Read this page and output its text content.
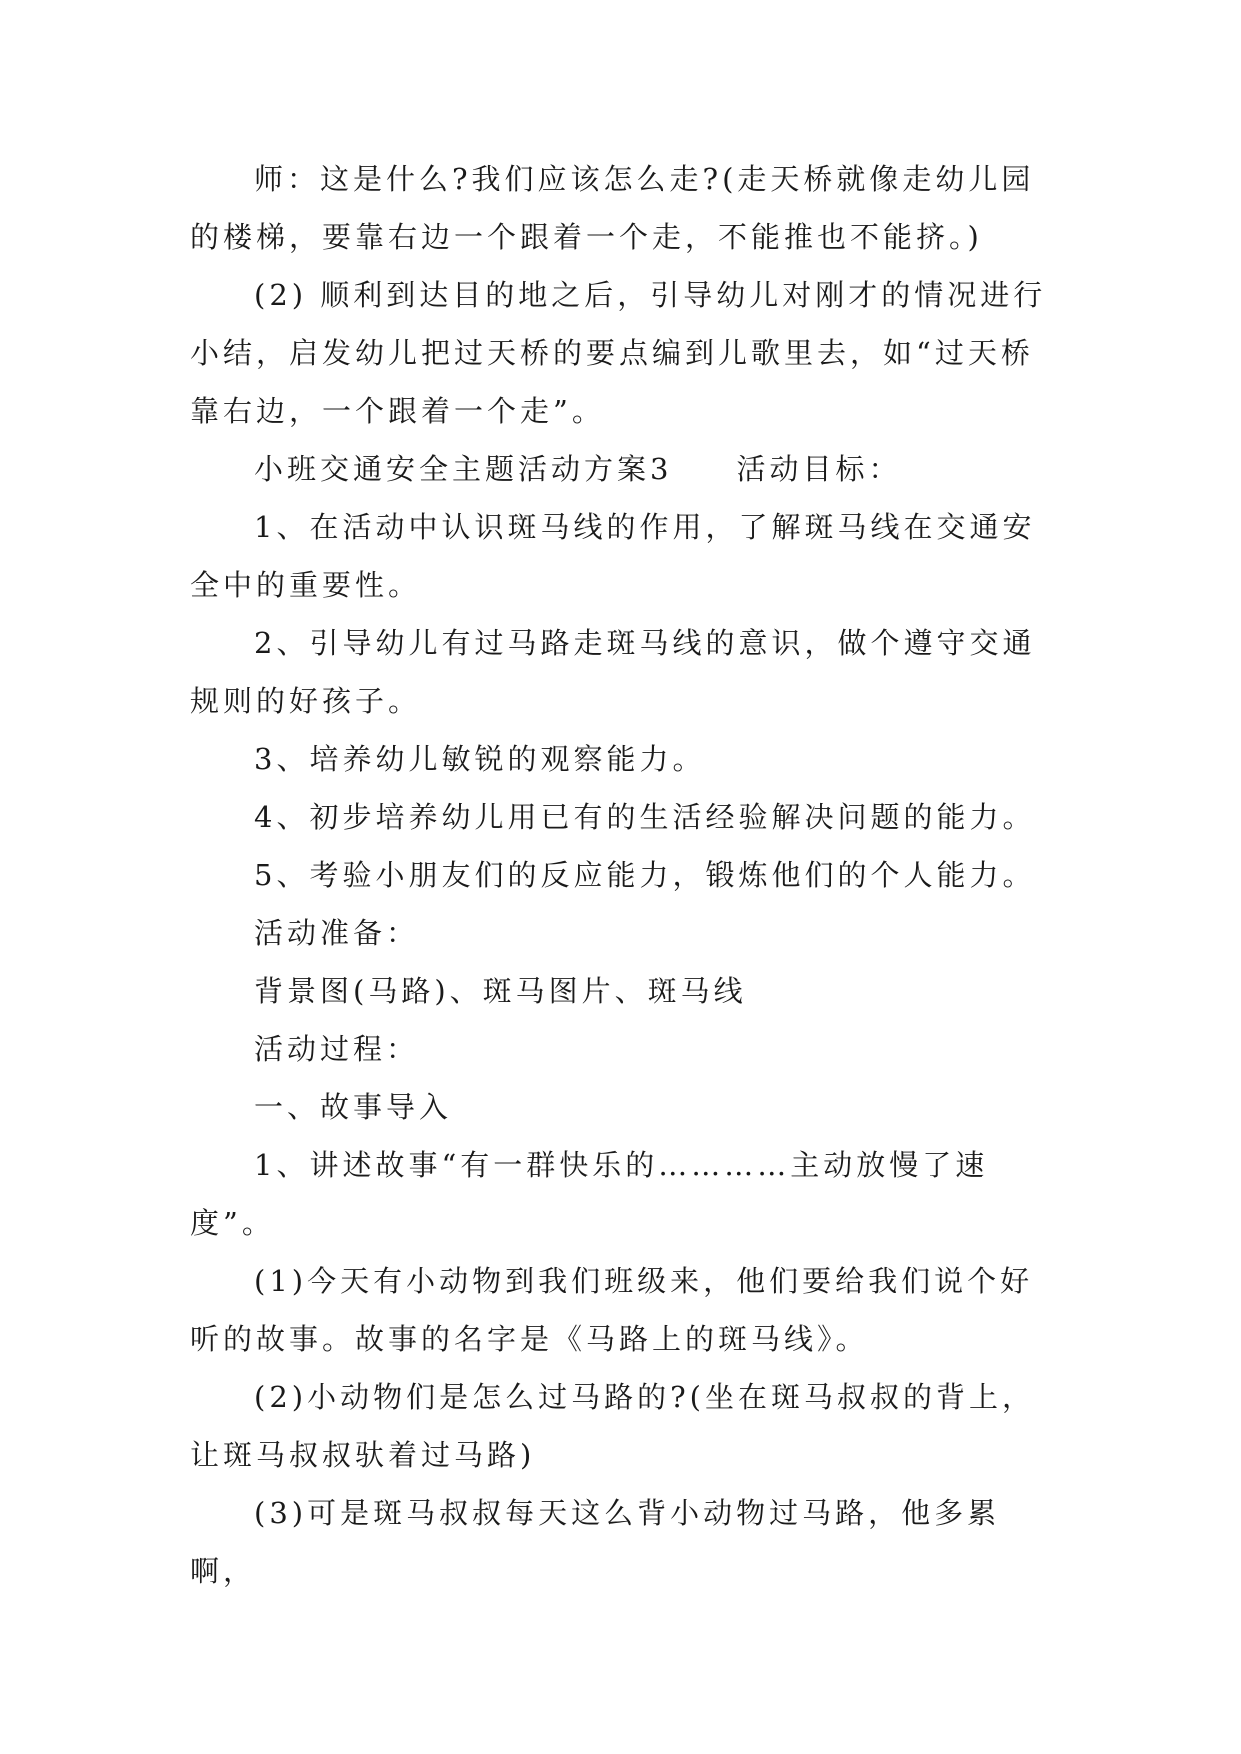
师：这是什么?我们应该怎么走?(走天桥就像走幼儿园的楼梯，要靠右边一个跟着一个走，不能推也不能挤。)

(2) 顺利到达目的地之后，引导幼儿对刚才的情况进行小结，启发幼儿把过天桥的要点编到儿歌里去，如“过天桥靠右边，一个跟着一个走”。

小班交通安全主题活动方案3 活动目标：

1、在活动中认识斑马线的作用，了解斑马线在交通安全中的重要性。

2、引导幼儿有过马路走斑马线的意识，做个遵守交通规则的好孩子。

3、培养幼儿敏锐的观察能力。

4、初步培养幼儿用已有的生活经验解决问题的能力。

5、考验小朋友们的反应能力，锻炼他们的个人能力。

活动准备：

背景图(马路)、斑马图片、斑马线

活动过程：

一、故事导入

1、讲述故事“有一群快乐的…………主动放慢了速度”。

(1)今天有小动物到我们班级来，他们要给我们说个好听的故事。故事的名字是《马路上的斑马线》。

(2)小动物们是怎么过马路的?(坐在斑马叔叔的背上，让斑马叔叔驮着过马路)

(3)可是斑马叔叔每天这么背小动物过马路，他多累啊，
